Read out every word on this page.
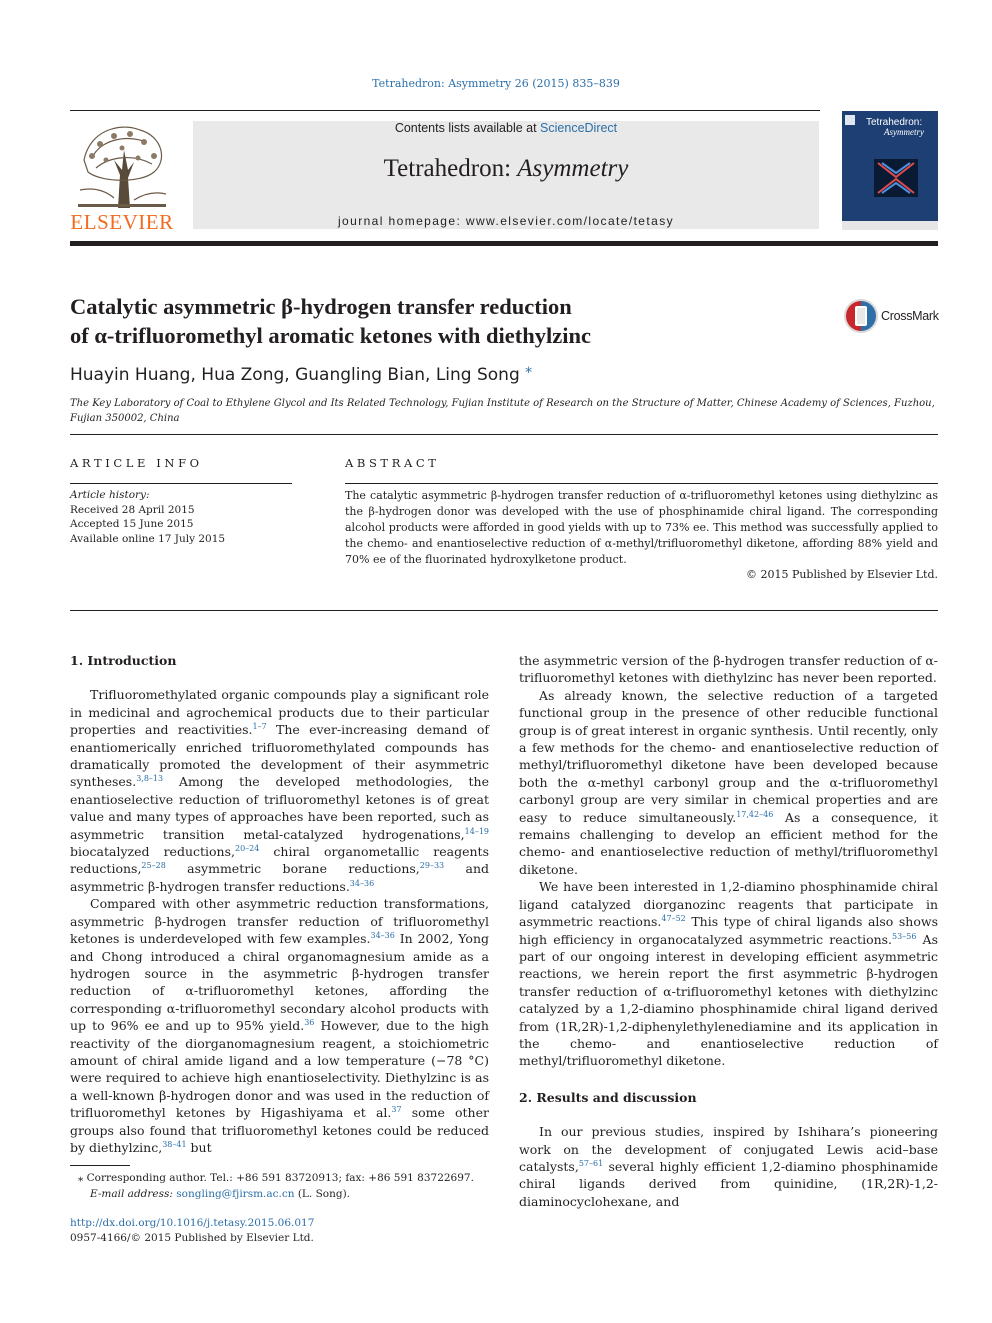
Tetrahedron: Asymmetry 26 (2015) 835–839
ELSEVIER
Contents lists available at ScienceDirect
Tetrahedron: Asymmetry
journal homepage: www.elsevier.com/locate/tetasy
Tetrahedron:
Asymmetry
Catalytic asymmetric β-hydrogen transfer reduction
of α-trifluoromethyl aromatic ketones with diethylzinc
CrossMark
Huayin Huang, Hua Zong, Guangling Bian, Ling Song *
The Key Laboratory of Coal to Ethylene Glycol and Its Related Technology, Fujian Institute of Research on the Structure of Matter, Chinese Academy of Sciences, Fuzhou, Fujian 350002, China
ARTICLE INFO	ABSTRACT
Article history:
Received 28 April 2015
Accepted 15 June 2015
Available online 17 July 2015
The catalytic asymmetric β-hydrogen transfer reduction of α-trifluoromethyl ketones using diethylzinc as the β-hydrogen donor was developed with the use of phosphinamide chiral ligand. The corresponding alcohol products were afforded in good yields with up to 73% ee. This method was successfully applied to the chemo- and enantioselective reduction of α-methyl/trifluoromethyl diketone, affording 88% yield and 70% ee of the fluorinated hydroxylketone product.
© 2015 Published by Elsevier Ltd.
1. Introduction

Trifluoromethylated organic compounds play a significant role in medicinal and agrochemical products due to their particular properties and reactivities.$^{1-7}$ The ever-increasing demand of enantiomerically enriched trifluoromethylated compounds has dramatically promoted the development of their asymmetric syntheses.$^{3,8-13}$ Among the developed methodologies, the enantioselective reduction of trifluoromethyl ketones is of great value and many types of approaches have been reported, such as asymmetric transition metal-catalyzed hydrogenations,$^{14-19}$ biocatalyzed reductions,$^{20-24}$ chiral organometallic reagents reductions,$^{25-28}$ asymmetric borane reductions,$^{29-33}$ and asymmetric β-hydrogen transfer reductions.$^{34-36}$

Compared with other asymmetric reduction transformations, asymmetric β-hydrogen transfer reduction of trifluoromethyl ketones is underdeveloped with few examples.$^{34-36}$ In 2002, Yong and Chong introduced a chiral organomagnesium amide as a hydrogen source in the asymmetric β-hydrogen transfer reduction of α-trifluoromethyl ketones, affording the corresponding α-trifluoromethyl secondary alcohol products with up to 96% ee and up to 95% yield.$^{36}$ However, due to the high reactivity of the diorganomagnesium reagent, a stoichiometric amount of chiral amide ligand and a low temperature (−78 °C) were required to achieve high enantioselectivity. Diethylzinc is as a well-known β-hydrogen donor and was used in the reduction of trifluoromethyl ketones by Higashiyama et al.$^{37}$ some other groups also found that trifluoromethyl ketones could be reduced by diethylzinc,$^{38-41}$ but

the asymmetric version of the β-hydrogen transfer reduction of α-trifluoromethyl ketones with diethylzinc has never been reported.

As already known, the selective reduction of a targeted functional group in the presence of other reducible functional group is of great interest in organic synthesis. Until recently, only a few methods for the chemo- and enantioselective reduction of methyl/trifluoromethyl diketone have been developed because both the α-methyl carbonyl group and the α-trifluoromethyl carbonyl group are very similar in chemical properties and are easy to reduce simultaneously.$^{17,42-46}$ As a consequence, it remains challenging to develop an efficient method for the chemo- and enantioselective reduction of methyl/trifluoromethyl diketone.

We have been interested in 1,2-diamino phosphinamide chiral ligand catalyzed diorganozinc reagents that participate in asymmetric reactions.$^{47-52}$ This type of chiral ligands also shows high efficiency in organocatalyzed asymmetric reactions.$^{53-56}$ As part of our ongoing interest in developing efficient asymmetric reactions, we herein report the first asymmetric β-hydrogen transfer reduction of α-trifluoromethyl ketones with diethylzinc catalyzed by a 1,2-diamino phosphinamide chiral ligand derived from (1R,2R)-1,2-diphenylethylenediamine and its application in the chemo- and enantioselective reduction of methyl/trifluoromethyl diketone.

2. Results and discussion

In our previous studies, inspired by Ishihara’s pioneering work on the development of conjugated Lewis acid–base catalysts,$^{57-61}$ several highly efficient 1,2-diamino phosphinamide chiral ligands derived from quinidine, (1R,2R)-1,2-diaminocyclohexane, and

⁎ Corresponding author. Tel.: +86 591 83720913; fax: +86 591 83722697.
E-mail address: songling@fjirsm.ac.cn (L. Song).
http://dx.doi.org/10.1016/j.tetasy.2015.06.017
0957-4166/© 2015 Published by Elsevier Ltd.
